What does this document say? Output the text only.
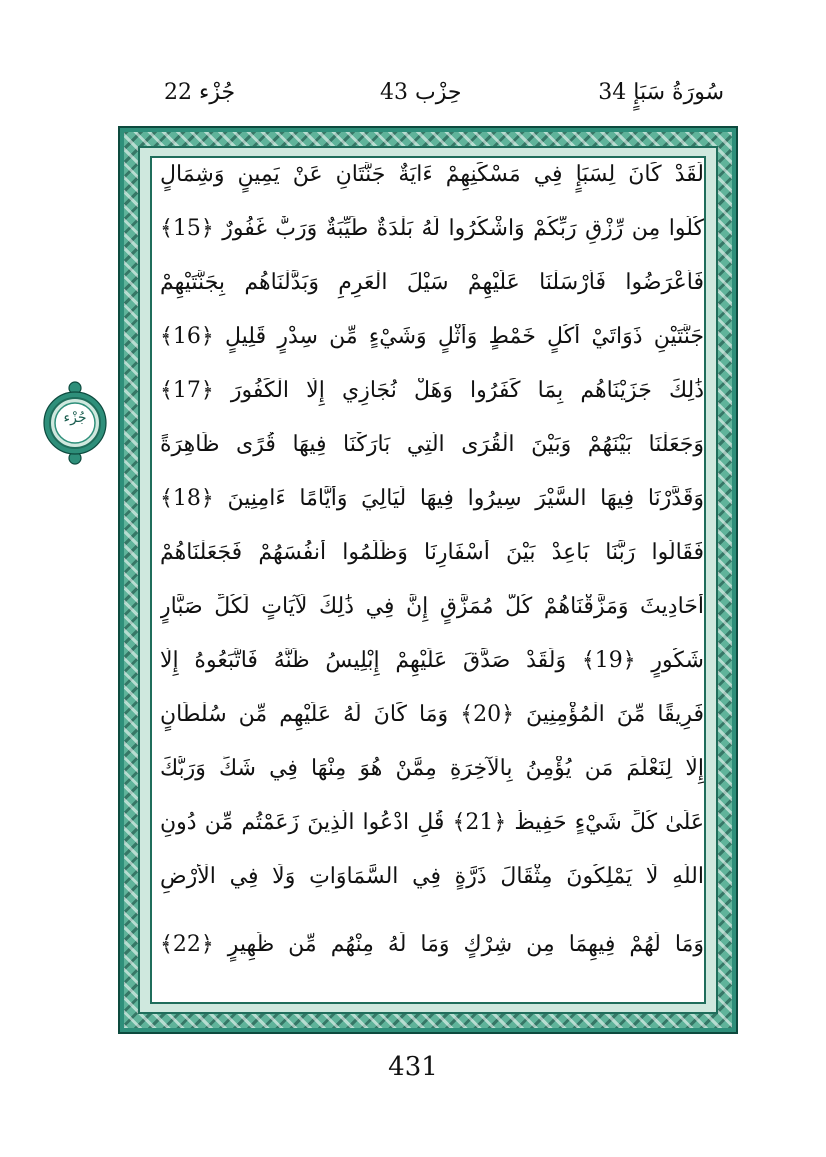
جُزْء 22	حِزْب 43	34 سُورَةُ سَبَإٍ
جُزْء
لَقَدْ كَانَ لِسَبَإٍ فِي مَسْكَنِهِمْ ءَايَةٌ جَنَّتَانِ عَنْ يَمِينٍ وَشِمَالٍ
كُلُوا مِن رِّزْقِ رَبِّكُمْ وَاشْكُرُوا لَهُ بَلْدَةٌ طَيِّبَةٌ وَرَبٌّ غَفُورٌ ﴿15﴾
فَأَعْرَضُوا فَأَرْسَلْنَا عَلَيْهِمْ سَيْلَ الْعَرِمِ وَبَدَّلْنَاهُم بِجَنَّتَيْهِمْ
جَنَّتَيْنِ ذَوَاتَيْ أُكُلٍ خَمْطٍ وَأَثْلٍ وَشَيْءٍ مِّن سِدْرٍ قَلِيلٍ ﴿16﴾
ذَٰلِكَ جَزَيْنَاهُم بِمَا كَفَرُوا وَهَلْ نُجَازِي إِلَّا الْكَفُورَ ﴿17﴾
وَجَعَلْنَا بَيْنَهُمْ وَبَيْنَ الْقُرَى الَّتِي بَارَكْنَا فِيهَا قُرًى ظَاهِرَةً
وَقَدَّرْنَا فِيهَا السَّيْرَ سِيرُوا فِيهَا لَيَالِيَ وَأَيَّامًا ءَامِنِينَ ﴿18﴾
فَقَالُوا رَبَّنَا بَاعِدْ بَيْنَ أَسْفَارِنَا وَظَلَمُوا أَنفُسَهُمْ فَجَعَلْنَاهُمْ
أَحَادِيثَ وَمَزَّقْنَاهُمْ كُلَّ مُمَزَّقٍ إِنَّ فِي ذَٰلِكَ لَآيَاتٍ لِّكُلِّ صَبَّارٍ
شَكُورٍ ﴿19﴾ وَلَقَدْ صَدَّقَ عَلَيْهِمْ إِبْلِيسُ ظَنَّهُ فَاتَّبَعُوهُ إِلَّا
فَرِيقًا مِّنَ الْمُؤْمِنِينَ ﴿20﴾ وَمَا كَانَ لَهُ عَلَيْهِم مِّن سُلْطَانٍ
إِلَّا لِنَعْلَمَ مَن يُؤْمِنُ بِالْآخِرَةِ مِمَّنْ هُوَ مِنْهَا فِي شَكٍّ وَرَبُّكَ
عَلَىٰ كُلِّ شَيْءٍ حَفِيظٌ ﴿21﴾ قُلِ ادْعُوا الَّذِينَ زَعَمْتُم مِّن دُونِ
اللَّهِ لَا يَمْلِكُونَ مِثْقَالَ ذَرَّةٍ فِي السَّمَاوَاتِ وَلَا فِي الْأَرْضِ
وَمَا لَهُمْ فِيهِمَا مِن شِرْكٍ وَمَا لَهُ مِنْهُم مِّن ظَهِيرٍ ﴿22﴾
431
